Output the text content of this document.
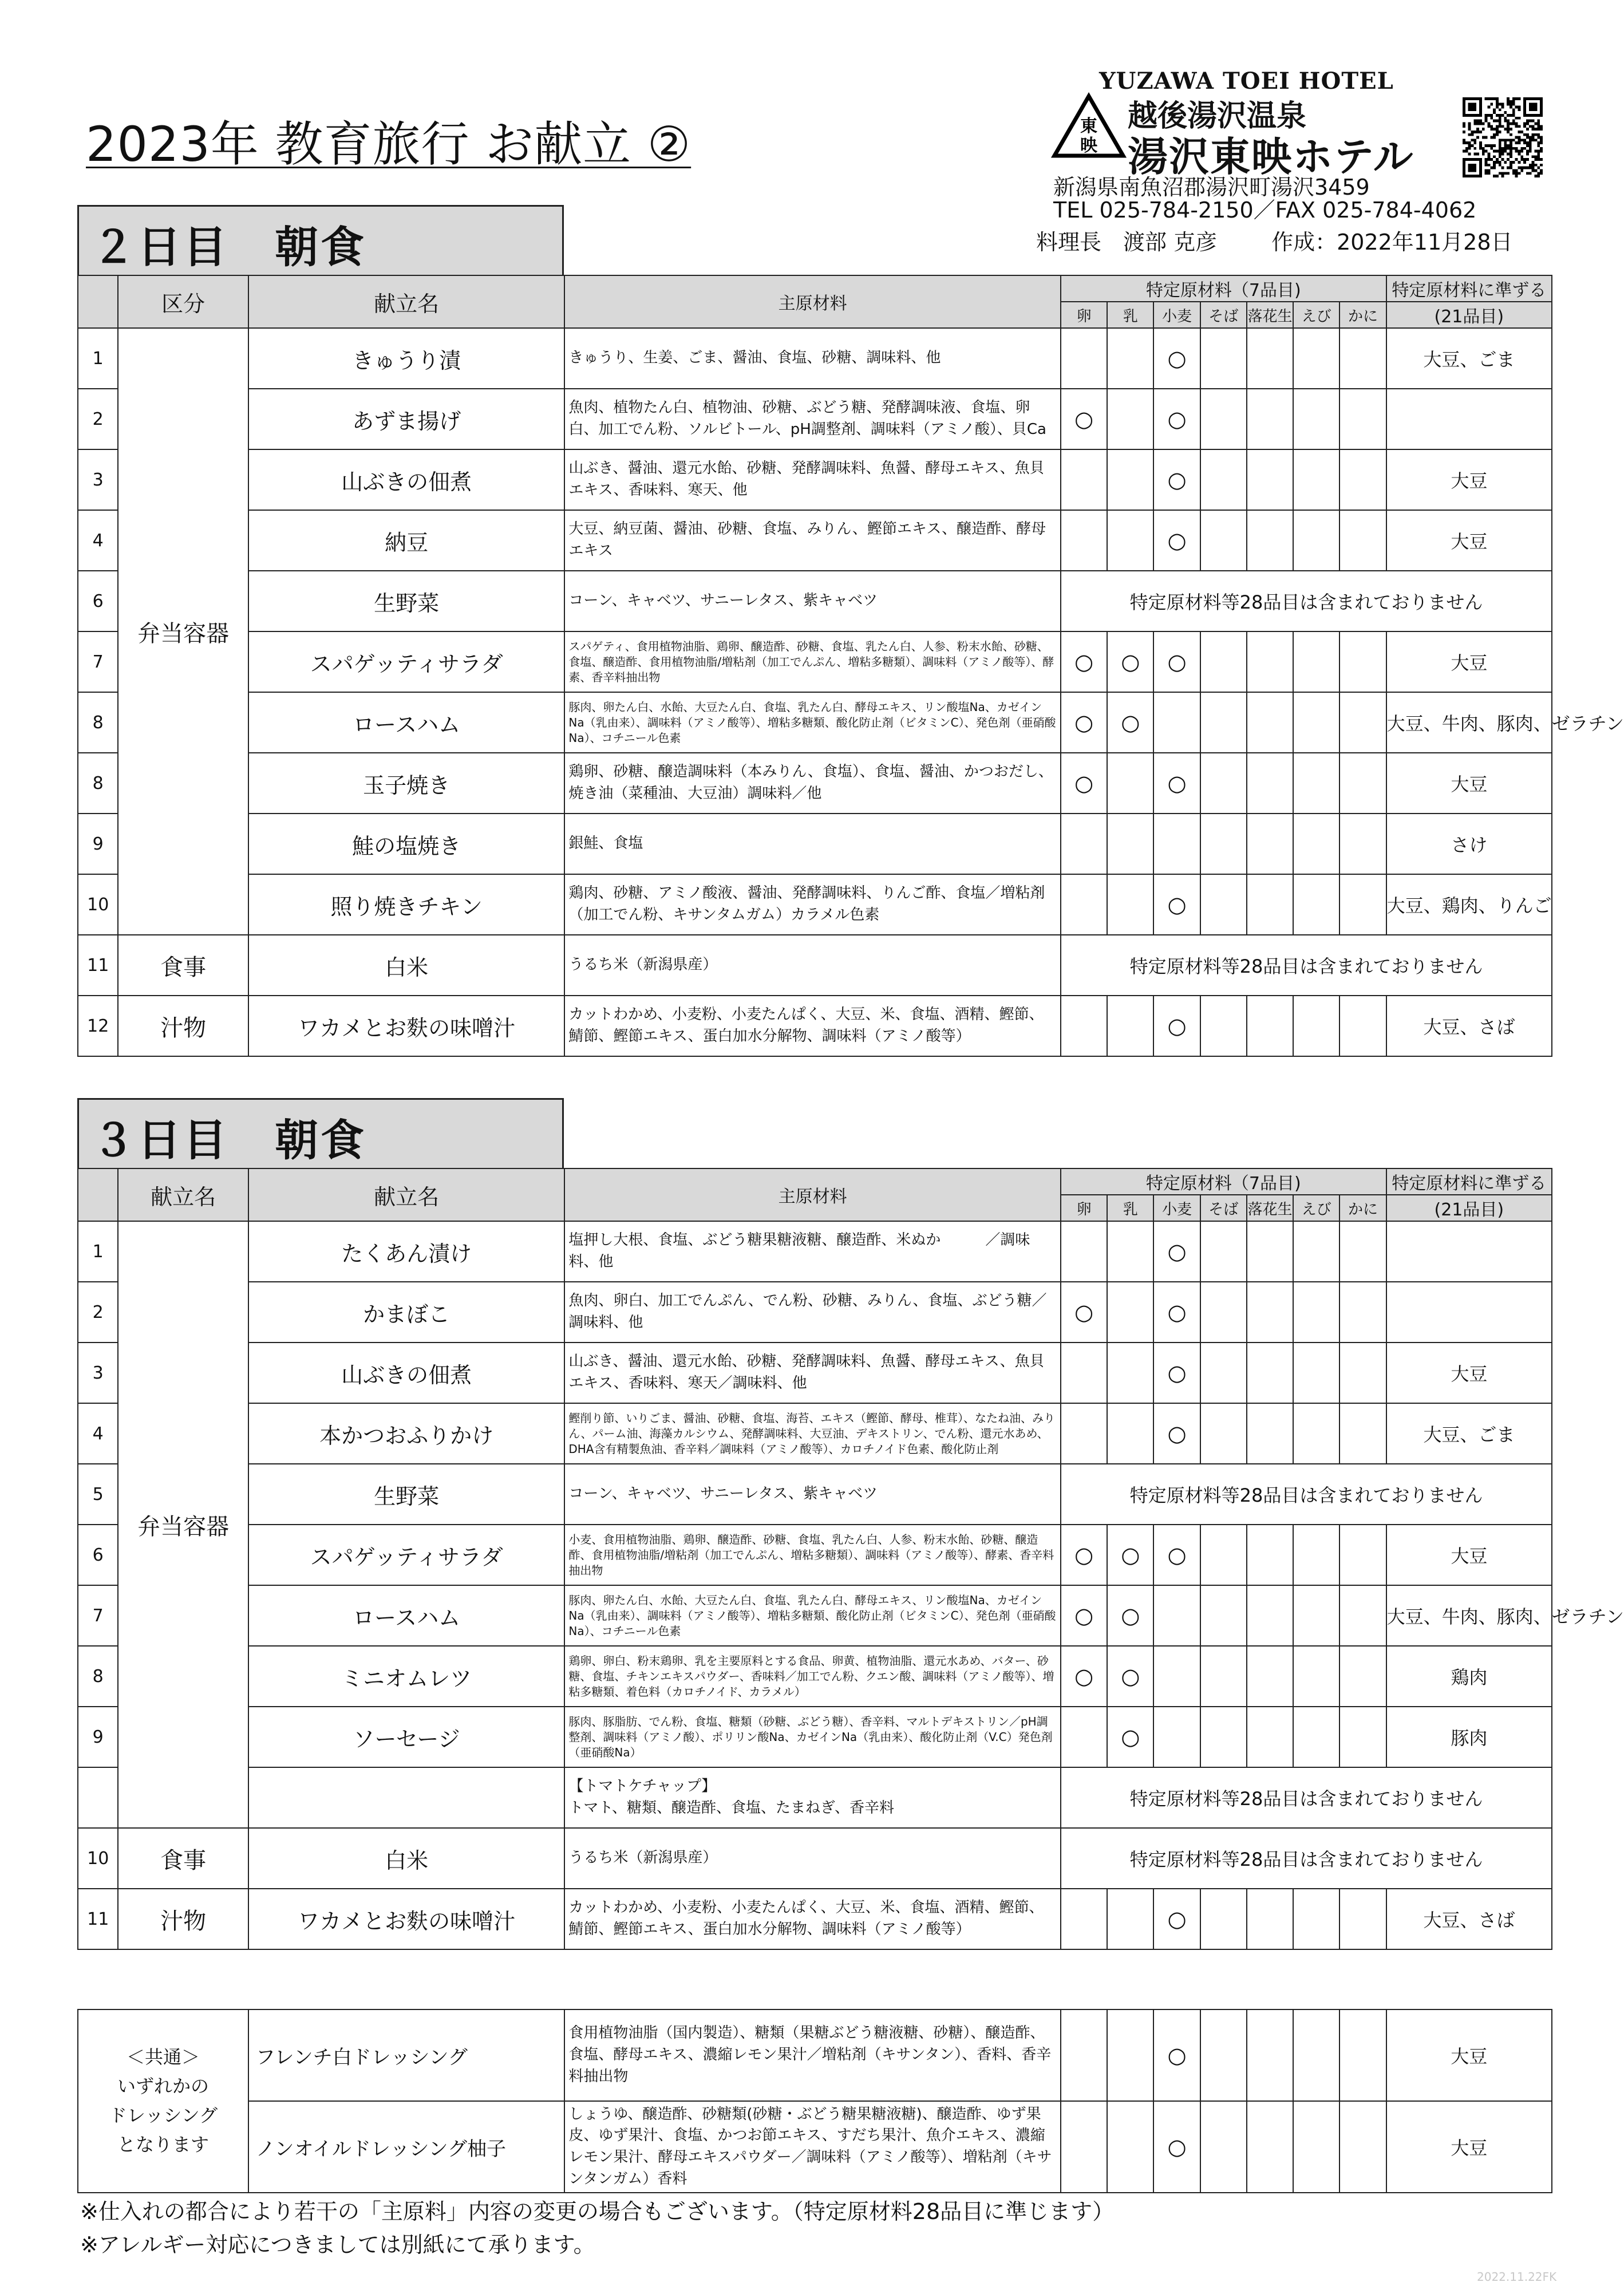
2023年 教育旅行 お献立 ②
YUZAWA TOEI HOTEL
東
映
越後湯沢温泉
湯沢東映ホテル
新潟県南魚沼郡湯沢町湯沢3459
TEL 025-784-2150／FAX 025-784-4062
料理長　渡部 克彦	作成：2022年11月28日
２日目　朝食
	区分	献立名	主原材料	特定原材料（7品目)							特定原材料に準ずる
				卵	乳	小麦	そば	落花生	えび	かに	(21品目)
1	弁当容器	きゅうり漬	きゅうり、生姜、ごま、醤油、食塩、砂糖、調味料、他			○					大豆、ごま
2		あずま揚げ	魚肉、植物たん白、植物油、砂糖、ぶどう糖、発酵調味液、食塩、卵白、加工でん粉、ソルビトール、pH調整剤、調味料（アミノ酸）、貝Ca	○		○					
3		山ぶきの佃煮	山ぶき、醤油、還元水飴、砂糖、発酵調味料、魚醤、酵母エキス、魚貝エキス、香味料、寒天、他			○					大豆
4		納豆	大豆、納豆菌、醤油、砂糖、食塩、みりん、鰹節エキス、醸造酢、酵母エキス			○					大豆
6		生野菜	コーン、キャベツ、サニーレタス、紫キャベツ	特定原材料等28品目は含まれておりません							
7		スパゲッティサラダ	スパゲティ、食用植物油脂、鶏卵、醸造酢、砂糖、食塩、乳たん白、人参、粉末水飴、砂糖、食塩、醸造酢、食用植物油脂/増粘剤（加工でんぷん、増粘多糖類）、調味料（アミノ酸等）、酵素、香辛料抽出物	○	○	○					大豆
8		ロースハム	豚肉、卵たん白、水飴、大豆たん白、食塩、乳たん白、酵母エキス、リン酸塩Na、カゼインNa（乳由来）、調味料（アミノ酸等）、増粘多糖類、酸化防止剤（ビタミンC）、発色剤（亜硝酸Na）、コチニール色素	○	○						大豆、牛肉、豚肉、ゼラチン
8		玉子焼き	鶏卵、砂糖、醸造調味料（本みりん、食塩）、食塩、醤油、かつおだし、焼き油（菜種油、大豆油）調味料／他	○		○					大豆
9		鮭の塩焼き	銀鮭、食塩								さけ
10		照り焼きチキン	鶏肉、砂糖、アミノ酸液、醤油、発酵調味料、りんご酢、食塩／増粘剤（加工でん粉、キサンタムガム）カラメル色素			○					大豆、鶏肉、りんご
11	食事	白米	うるち米（新潟県産）	特定原材料等28品目は含まれておりません							
12	汁物	ワカメとお麩の味噌汁	カットわかめ、小麦粉、小麦たんぱく、大豆、米、食塩、酒精、鰹節、鯖節、鰹節エキス、蛋白加水分解物、調味料（アミノ酸等）			○					大豆、さば
３日目　朝食
	献立名	献立名	主原材料	特定原材料（7品目)							特定原材料に準ずる
				卵	乳	小麦	そば	落花生	えび	かに	(21品目)
1	弁当容器	たくあん漬け	塩押し大根、食塩、ぶどう糖果糖液糖、醸造酢、米ぬか　　　／調味料、他			○					
2		かまぼこ	魚肉、卵白、加工でんぷん、でん粉、砂糖、みりん、食塩、ぶどう糖／調味料、他	○		○					
3		山ぶきの佃煮	山ぶき、醤油、還元水飴、砂糖、発酵調味料、魚醤、酵母エキス、魚貝エキス、香味料、寒天／調味料、他			○					大豆
4		本かつおふりかけ	鰹削り節、いりごま、醤油、砂糖、食塩、海苔、エキス（鰹節、酵母、椎茸）、なたね油、みりん、パーム油、海藻カルシウム、発酵調味料、大豆油、デキストリン、でん粉、還元水あめ、DHA含有精製魚油、香辛料／調味料（アミノ酸等）、カロチノイド色素、酸化防止剤			○					大豆、ごま
5		生野菜	コーン、キャベツ、サニーレタス、紫キャベツ	特定原材料等28品目は含まれておりません							
6		スパゲッティサラダ	小麦、食用植物油脂、鶏卵、醸造酢、砂糖、食塩、乳たん白、人参、粉末水飴、砂糖、醸造酢、食用植物油脂/増粘剤（加工でんぷん、増粘多糖類）、調味料（アミノ酸等）、酵素、香辛料抽出物	○	○	○					大豆
7		ロースハム	豚肉、卵たん白、水飴、大豆たん白、食塩、乳たん白、酵母エキス、リン酸塩Na、カゼインNa（乳由来）、調味料（アミノ酸等）、増粘多糖類、酸化防止剤（ビタミンC）、発色剤（亜硝酸Na）、コチニール色素	○	○						大豆、牛肉、豚肉、ゼラチン
8		ミニオムレツ	鶏卵、卵白、粉末鶏卵、乳を主要原料とする食品、卵黄、植物油脂、還元水あめ、バター、砂糖、食塩、チキンエキスパウダー、香味料／加工でん粉、クエン酸、調味料（アミノ酸等）、増粘多糖類、着色料（カロチノイド、カラメル）	○	○						鶏肉
9		ソーセージ	豚肉、豚脂肪、でん粉、食塩、糖類（砂糖、ぶどう糖）、香辛料、マルトデキストリン／pH調整剤、調味料（アミノ酸）、ポリリン酸Na、カゼインNa（乳由来）、酸化防止剤（V.C）発色剤（亜硝酸Na）		○						豚肉

			【トマトケチャップ】
トマト、糖類、醸造酢、食塩、たまねぎ、香辛料	特定原材料等28品目は含まれておりません							
10	食事	白米	うるち米（新潟県産）	特定原材料等28品目は含まれておりません							
11	汁物	ワカメとお麩の味噌汁	カットわかめ、小麦粉、小麦たんぱく、大豆、米、食塩、酒精、鰹節、鯖節、鰹節エキス、蛋白加水分解物、調味料（アミノ酸等）			○					大豆、さば
＜共通＞
いずれかの
ドレッシング
となります	フレンチ白ドレッシング	食用植物油脂（国内製造）、糖類（果糖ぶどう糖液糖、砂糖）、醸造酢、食塩、酵母エキス、濃縮レモン果汁／増粘剤（キサンタン）、香料、香辛料抽出物			○					大豆
	ノンオイルドレッシング柚子	しょうゆ、醸造酢、砂糖類(砂糖・ぶどう糖果糖液糖)、醸造酢、ゆず果皮、ゆず果汁、食塩、かつお節エキス、すだち果汁、魚介エキス、濃縮レモン果汁、酵母エキスパウダー／調味料（アミノ酸等）、増粘剤（キサンタンガム）香料			○					大豆
※仕入れの都合により若干の「主原料」内容の変更の場合もございます。（特定原材料28品目に準じます）
※アレルギー対応につきましては別紙にて承ります。
2022.11.22FK
